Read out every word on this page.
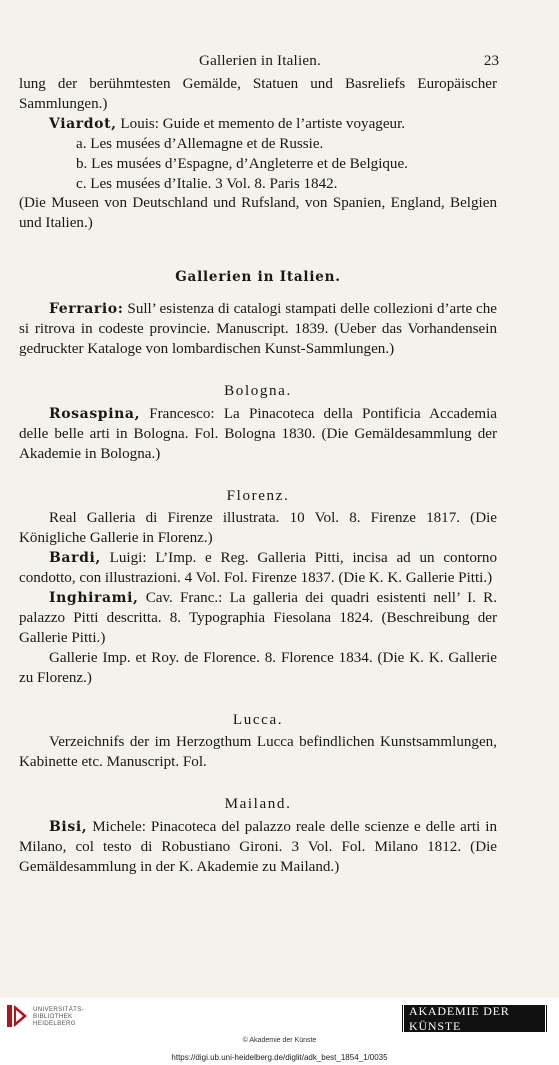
Gallerien in Italien.	23

lung der berühmtesten Gemälde, Statuen und Basreliefs Europäischer Sammlungen.)

Viardot, Louis: Guide et memento de l’artiste voyageur.

a. Les musées d’Allemagne et de Russie.

b. Les musées d’Espagne, d’Angleterre et de Belgique.

c. Les musées d’Italie. 3 Vol. 8. Paris 1842.

(Die Museen von Deutschland und Rufsland, von Spanien, England, Belgien und Italien.)

Gallerien in Italien.

Ferrario: Sull’ esistenza di catalogi stampati delle collezioni d’arte che si ritrova in codeste provincie. Manuscript. 1839. (Ueber das Vorhandensein gedruckter Kataloge von lombardischen Kunst-Sammlungen.)

Bologna.

Rosaspina, Francesco: La Pinacoteca della Pontificia Accademia delle belle arti in Bologna. Fol. Bologna 1830. (Die Gemäldesammlung der Akademie in Bologna.)

Florenz.

Real Galleria di Firenze illustrata. 10 Vol. 8. Firenze 1817. (Die Königliche Gallerie in Florenz.)

Bardi, Luigi: L’Imp. e Reg. Galleria Pitti, incisa ad un contorno condotto, con illustrazioni. 4 Vol. Fol. Firenze 1837. (Die K. K. Gallerie Pitti.)

Inghirami, Cav. Franc.: La galleria dei quadri esistenti nell’ I. R. palazzo Pitti descritta. 8. Typographia Fiesolana 1824. (Beschreibung der Gallerie Pitti.)

Gallerie Imp. et Roy. de Florence. 8. Florence 1834. (Die K. K. Gallerie zu Florenz.)

Lucca.

Verzeichnifs der im Herzogthum Lucca befindlichen Kunstsammlungen, Kabinette etc. Manuscript. Fol.

Mailand.

Bisi, Michele: Pinacoteca del palazzo reale delle scienze e delle arti in Milano, col testo di Robustiano Gironi. 3 Vol. Fol. Milano 1812. (Die Gemäldesammlung in der K. Akademie zu Mailand.)

UNIVERSITÄTS-
BIBLIOTHEK
HEIDELBERG
AKADEMIE DER KÜNSTE
© Akademie der Künste
https://digi.ub.uni-heidelberg.de/diglit/adk_best_1854_1/0035
